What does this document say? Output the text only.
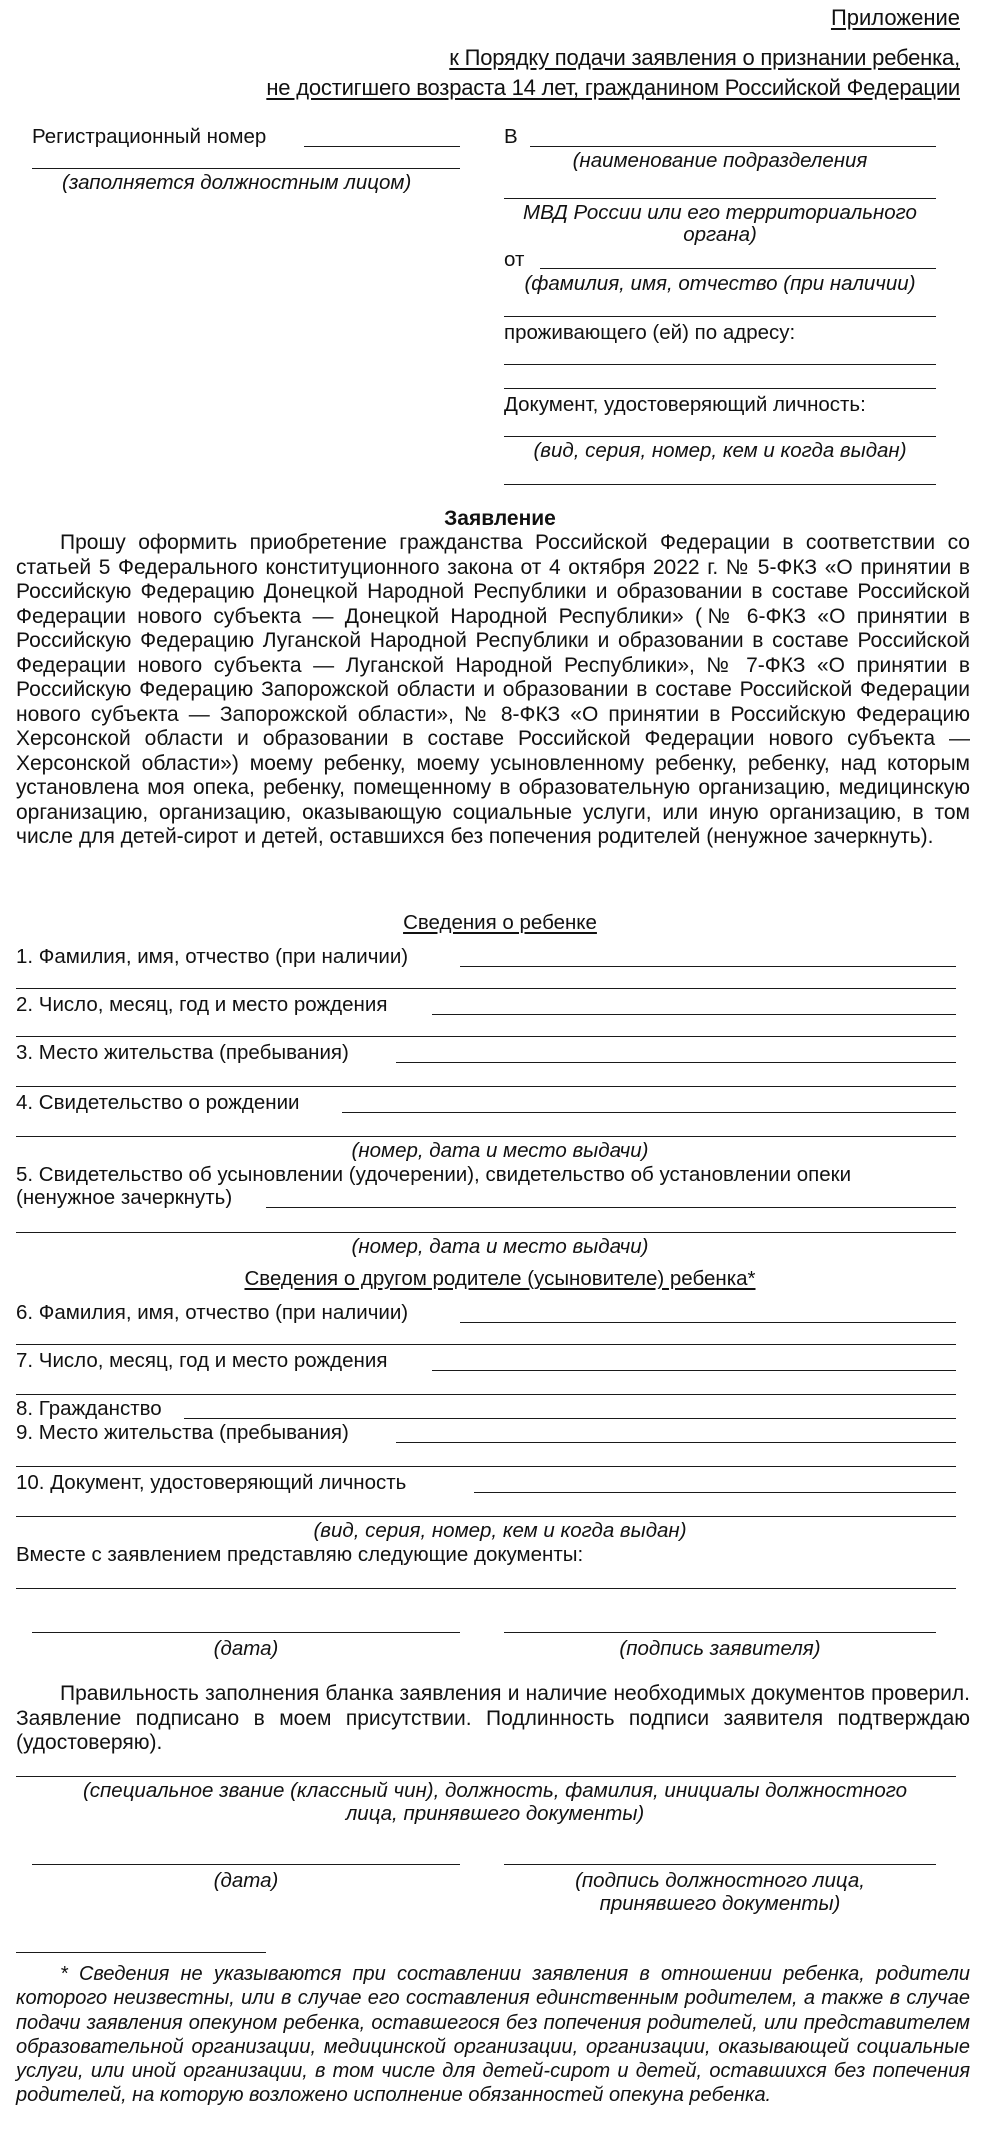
Приложение
к Порядку подачи заявления о признании ребенка,
не достигшего возраста 14 лет, гражданином Российской Федерации
Регистрационный номер
(заполняется должностным лицом)
В
(наименование подразделения
МВД России или его территориального
органа)
от
(фамилия, имя, отчество (при наличии)
проживающего (ей) по адресу:
Документ, удостоверяющий личность:
(вид, серия, номер, кем и когда выдан)
Заявление
Прошу оформить приобретение гражданства Российской Федерации в соответствии со статьей 5 Федерального конституционного закона от 4 октября 2022 г. № 5-ФКЗ «О принятии в Российскую Федерацию Донецкой Народной Республики и образовании в составе Российской Федерации нового субъекта — Донецкой Народной Республики» (№ 6-ФКЗ «О принятии в Российскую Федерацию Луганской Народной Республики и образовании в составе Российской Федерации нового субъекта — Луганской Народной Республики», № 7-ФКЗ «О принятии в Российскую Федерацию Запорожской области и образовании в составе Российской Федерации нового субъекта — Запорожской области», № 8-ФКЗ «О принятии в Российскую Федерацию Херсонской области и образовании в составе Российской Федерации нового субъекта — Херсонской области») моему ребенку, моему усыновленному ребенку, ребенку, над которым установлена моя опека, ребенку, помещенному в образовательную организацию, медицинскую организацию, организацию, оказывающую социальные услуги, или иную организацию, в том числе для детей-сирот и детей, оставшихся без попечения родителей (ненужное зачеркнуть).
Сведения о ребенке
1. Фамилия, имя, отчество (при наличии)
2. Число, месяц, год и место рождения
3. Место жительства (пребывания)
4. Свидетельство о рождении
(номер, дата и место выдачи)
5. Свидетельство об усыновлении (удочерении), свидетельство об установлении опеки
(ненужное зачеркнуть)
(номер, дата и место выдачи)
Сведения о другом родителе (усыновителе) ребенка*
6. Фамилия, имя, отчество (при наличии)
7. Число, месяц, год и место рождения
8. Гражданство
9. Место жительства (пребывания)
10. Документ, удостоверяющий личность
(вид, серия, номер, кем и когда выдан)
Вместе с заявлением представляю следующие документы:
(дата)	(подпись заявителя)
Правильность заполнения бланка заявления и наличие необходимых документов проверил. Заявление подписано в моем присутствии. Подлинность подписи заявителя подтверждаю (удостоверяю).
(специальное звание (классный чин), должность, фамилия, инициалы должностного
лица, принявшего документы)
(дата)	(подпись должностного лица,
принявшего документы)
* Сведения не указываются при составлении заявления в отношении ребенка, родители которого неизвестны, или в случае его составления единственным родителем, а также в случае подачи заявления опекуном ребенка, оставшегося без попечения родителей, или представителем образовательной организации, медицинской организации, организации, оказывающей социальные услуги, или иной организации, в том числе для детей-сирот и детей, оставшихся без попечения родителей, на которую возложено исполнение обязанностей опекуна ребенка.
